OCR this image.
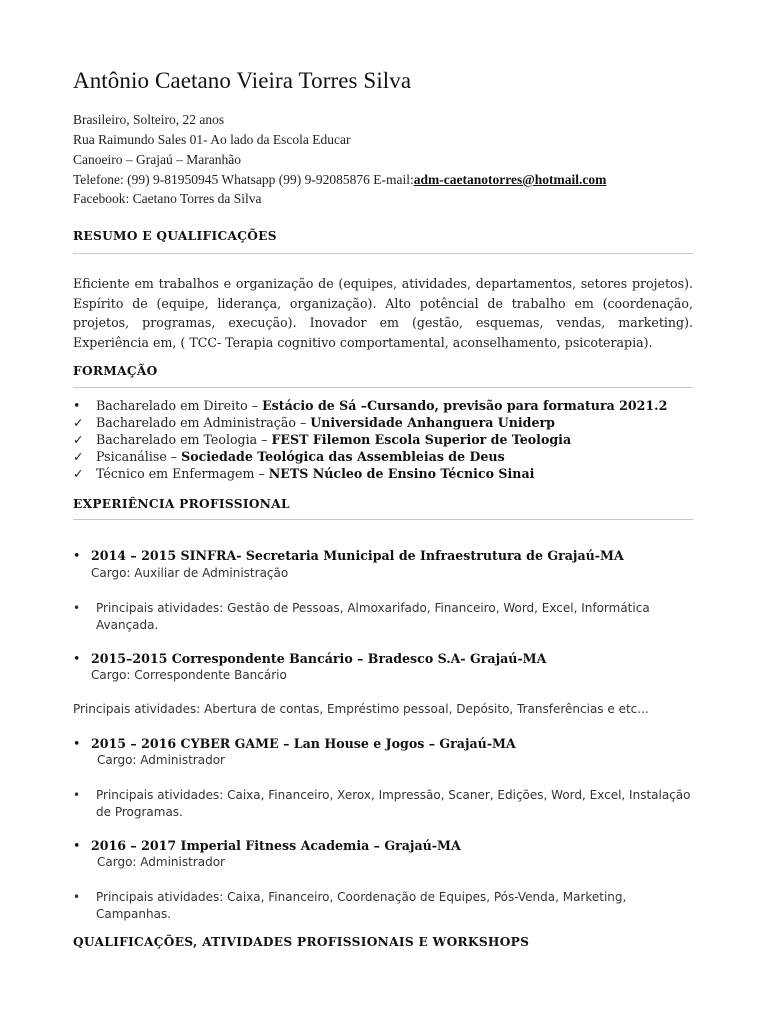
Antônio Caetano Vieira Torres Silva
Brasileiro, Solteiro, 22 anos
Rua Raimundo Sales 01- Ao lado da Escola Educar
Canoeiro – Grajaú – Maranhão
Telefone: (99) 9-81950945 Whatsapp (99) 9-92085876 E-mail:adm-caetanotorres@hotmail.com
Facebook: Caetano Torres da Silva
RESUMO E QUALIFICAÇÕES
Eficiente em trabalhos e organização de (equipes, atividades, departamentos, setores projetos). Espírito de (equipe, liderança, organização). Alto potêncial de trabalho em (coordenação, projetos, programas, execução). Inovador em (gestão, esquemas, vendas, marketing). Experiência em, ( TCC- Terapia cognitivo comportamental, aconselhamento, psicoterapia).
FORMAÇÃO
• Bacharelado em Direito – Estácio de Sá –Cursando, previsão para formatura 2021.2
✓ Bacharelado em Administração – Universidade Anhanguera Uniderp
✓ Bacharelado em Teologia – FEST Filemon Escola Superior de Teologia
✓ Psicanálise – Sociedade Teológica das Assembleias de Deus
✓ Técnico em Enfermagem – NETS Núcleo de Ensino Técnico Sinai
EXPERIÊNCIA PROFISSIONAL
• 2014 – 2015 SINFRA- Secretaria Municipal de Infraestrutura de Grajaú-MA
Cargo: Auxiliar de Administração
• Principais atividades: Gestão de Pessoas, Almoxarifado, Financeiro, Word, Excel, Informática Avançada.
• 2015–2015 Correspondente Bancário – Bradesco S.A- Grajaú-MA
Cargo: Correspondente Bancário
Principais atividades: Abertura de contas, Empréstimo pessoal, Depósito, Transferências e etc...
• 2015 – 2016 CYBER GAME – Lan House e Jogos – Grajaú-MA
Cargo: Administrador
• Principais atividades: Caixa, Financeiro, Xerox, Impressão, Scaner, Edições, Word, Excel, Instalação de Programas.
• 2016 – 2017 Imperial Fitness Academia – Grajaú-MA
Cargo: Administrador
• Principais atividades: Caixa, Financeiro, Coordenação de Equipes, Pós-Venda, Marketing, Campanhas.
QUALIFICAÇÕES, ATIVIDADES PROFISSIONAIS E WORKSHOPS
